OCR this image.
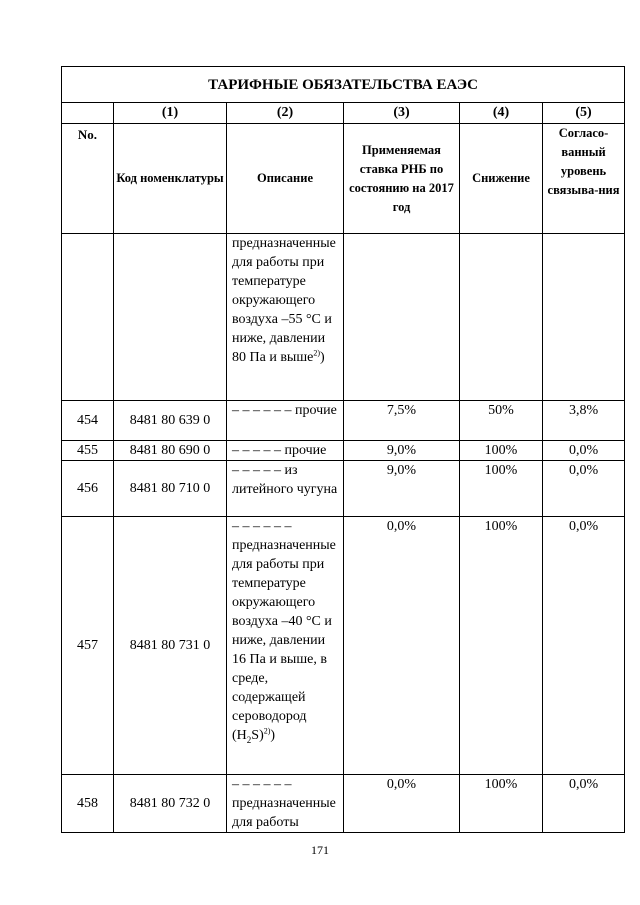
ТАРИФНЫЕ ОБЯЗАТЕЛЬСТВА ЕАЭС					
	(1)	(2)	(3)	(4)	(5)
No.	Код номенклатуры	Описание	Применяемая ставка РНБ по состоянию на 2017 год	Снижение	Согласо-ванный уровень связыва-ния
		предназначенные для работы при температуре окружающего воздуха –55 °С и ниже, давлении 80 Па и выше$^{2)}$)			
454	8481 80 639 0	– – – – – – прочие	7,5%	50%	3,8%
455	8481 80 690 0	– – – – – прочие	9,0%	100%	0,0%
456	8481 80 710 0	– – – – – из литейного чугуна	9,0%	100%	0,0%
457	8481 80 731 0	– – – – – – предназначенные для работы при температуре окружающего воздуха –40 °С и ниже, давлении 16 Па и выше, в среде, содержащей сероводород $(H_2S)^{2)}$)	0,0%	100%	0,0%
458	8481 80 732 0	– – – – – – предназначенные для работы	0,0%	100%	0,0%
171
